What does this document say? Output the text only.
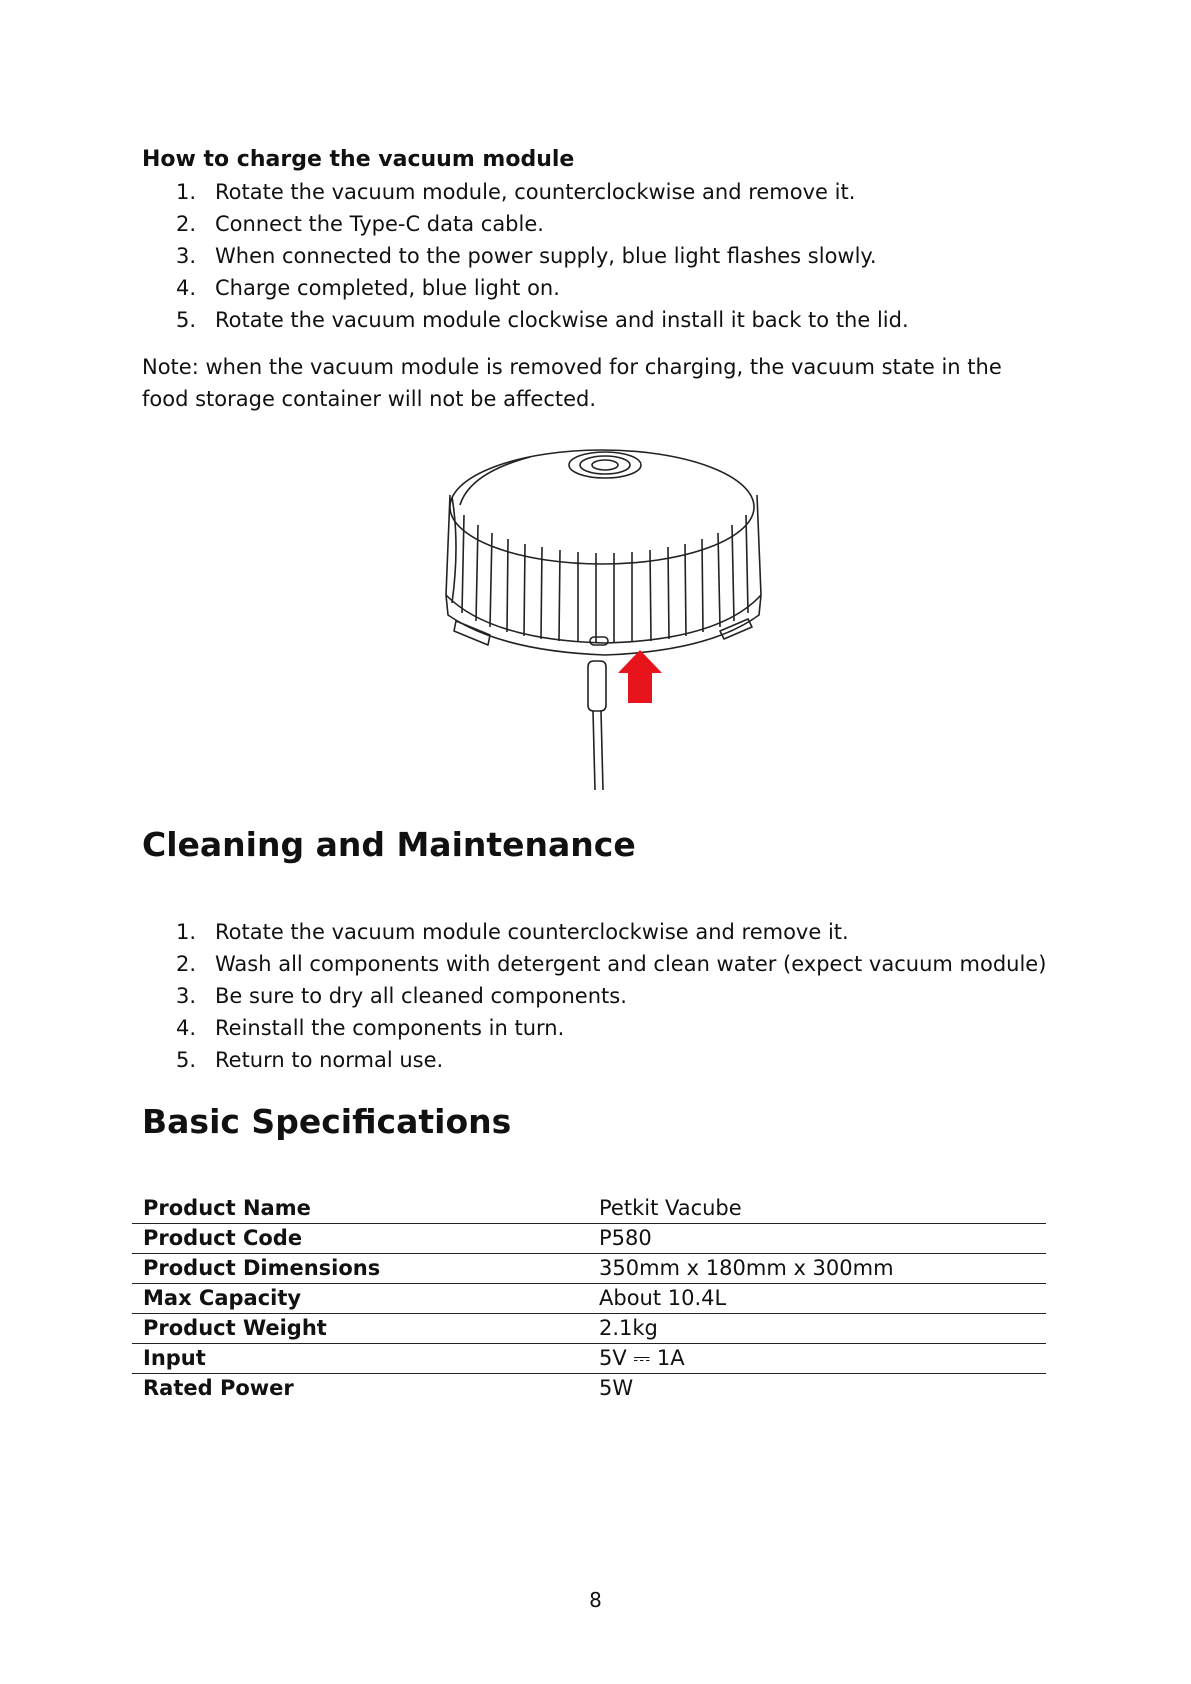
How to charge the vacuum module
1. Rotate the vacuum module, counterclockwise and remove it.
2. Connect the Type-C data cable.
3. When connected to the power supply, blue light flashes slowly.
4. Charge completed, blue light on.
5. Rotate the vacuum module clockwise and install it back to the lid.

Note: when the vacuum module is removed for charging, the vacuum state in the food storage container will not be affected.

Cleaning and Maintenance
1. Rotate the vacuum module counterclockwise and remove it.
2. Wash all components with detergent and clean water (expect vacuum module)
3. Be sure to dry all cleaned components.
4. Reinstall the components in turn.
5. Return to normal use.
Basic Specifications
Product Name	Petkit Vacube
Product Code	P580
Product Dimensions	350mm x 180mm x 300mm
Max Capacity	About 10.4L
Product Weight	2.1kg
Input	5V ⎓ 1A
Rated Power	5W

8
